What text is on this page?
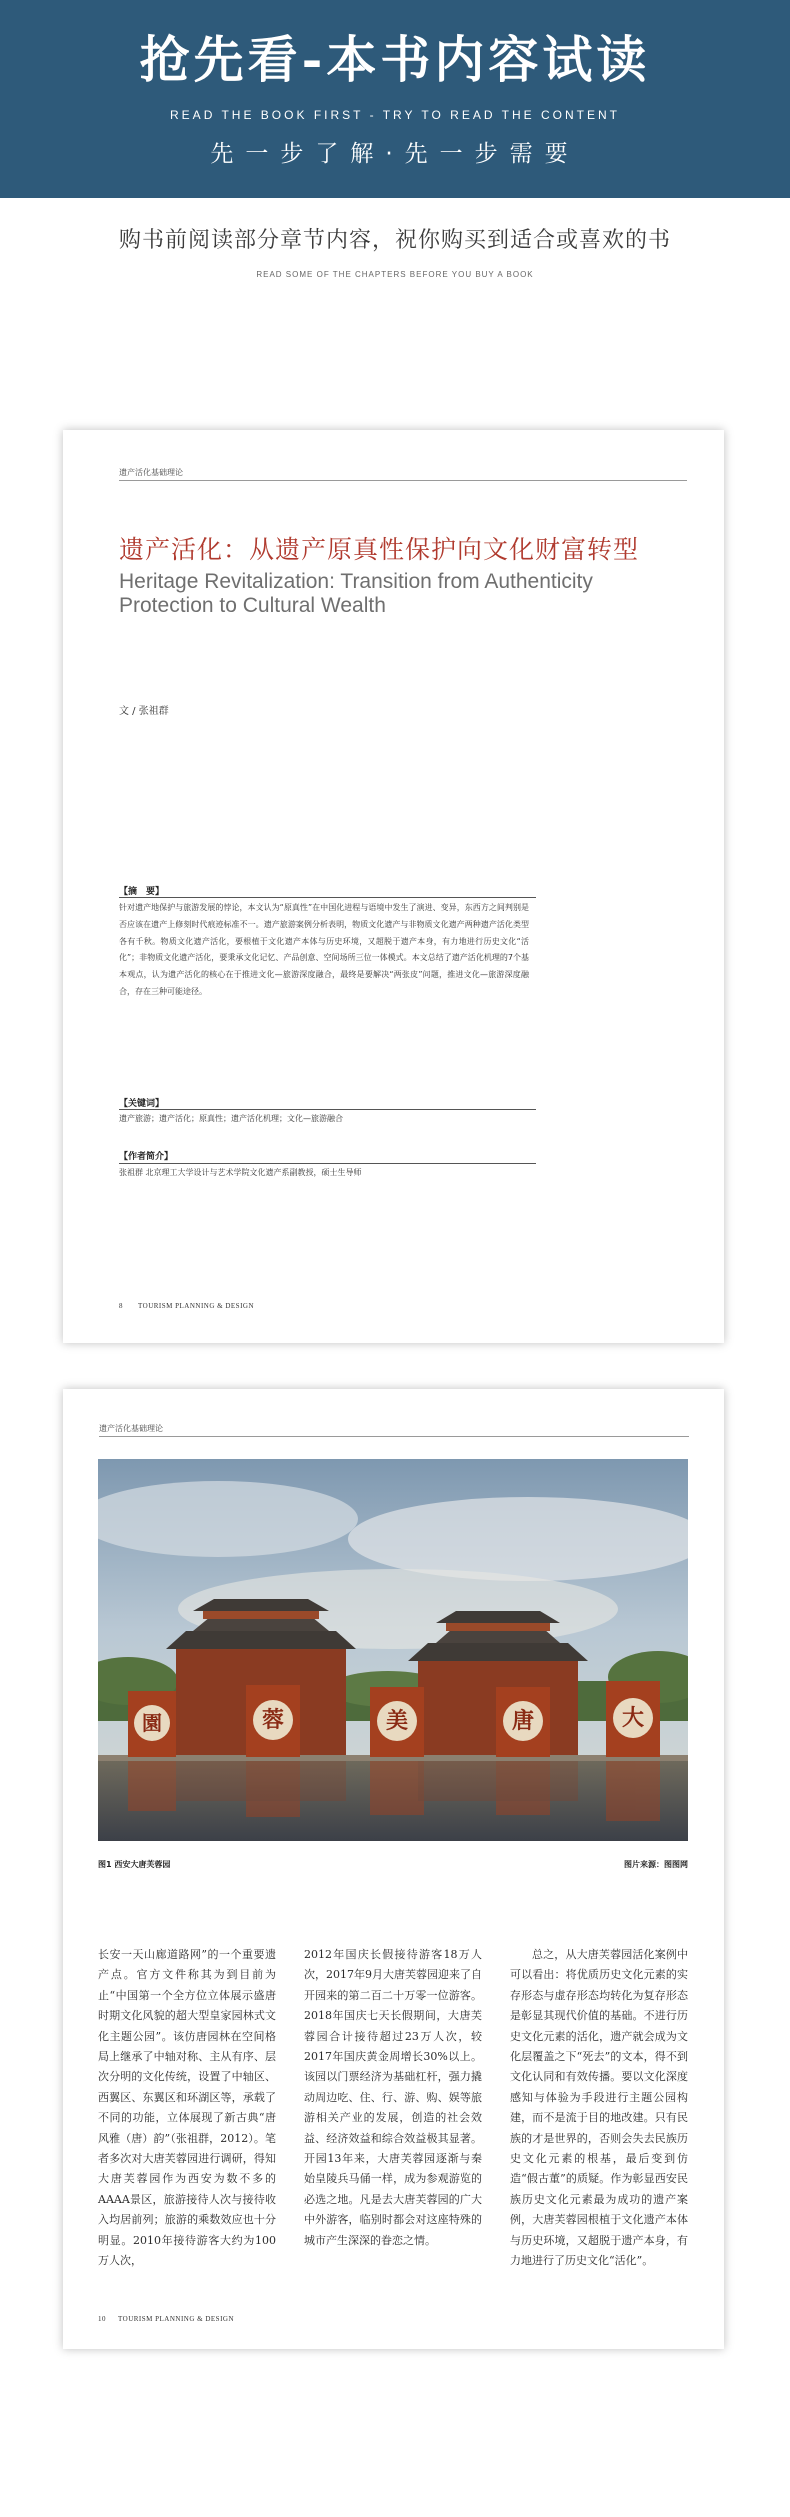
抢先看-本书内容试读
READ THE BOOK FIRST - TRY TO READ THE CONTENT
先一步了解·先一步需要
购书前阅读部分章节内容，祝你购买到适合或喜欢的书
READ SOME OF THE CHAPTERS BEFORE YOU BUY A BOOK
遗产活化基础理论
遗产活化：从遗产原真性保护向文化财富转型
Heritage Revitalization: Transition from Authenticity Protection to Cultural Wealth
文 / 张祖群
【摘　要】
针对遗产地保护与旅游发展的悖论，本文认为“原真性”在中国化进程与语境中发生了演进、变异，东西方之间判别是否应该在遗产上修刻时代痕迹标准不一。遗产旅游案例分析表明，物质文化遗产与非物质文化遗产两种遗产活化类型各有千秋。物质文化遗产活化，要根植于文化遗产本体与历史环境，又超脱于遗产本身，有力地进行历史文化“活化”；非物质文化遗产活化，要秉承文化记忆、产品创意、空间场所三位一体模式。本文总结了遗产活化机理的7个基本观点，认为遗产活化的核心在于推进文化—旅游深度融合，最终是要解决“两张皮”问题，推进文化—旅游深度融合，存在三种可能途径。
【关键词】
遗产旅游；遗产活化；原真性；遗产活化机理；文化—旅游融合
【作者简介】
张祖群 北京理工大学设计与艺术学院文化遗产系副教授，硕士生导师
8 TOURISM PLANNING & DESIGN
遗产活化基础理论
園	蓉	美	唐	大
图1 西安大唐芙蓉园	图片来源：图图网
长安一天山廊道路网”的一个重要遗产点。官方文件称其为到目前为止“中国第一个全方位立体展示盛唐时期文化风貌的超大型皇家园林式文化主题公园”。该仿唐园林在空间格局上继承了中轴对称、主从有序、层次分明的文化传统，设置了中轴区、西翼区、东翼区和环湖区等，承载了不同的功能，立体展现了新古典“唐风雅（唐）韵”（张祖群，2012）。笔者多次对大唐芙蓉园进行调研，得知大唐芙蓉园作为西安为数不多的AAAA景区，旅游接待人次与接待收入均居前列；旅游的乘数效应也十分明显。2010年接待游客大约为100万人次，
2012年国庆长假接待游客18万人次，2017年9月大唐芙蓉园迎来了自开园来的第二百二十万零一位游客。2018年国庆七天长假期间，大唐芙蓉园合计接待超过23万人次，较2017年国庆黄金周增长30%以上。该园以门票经济为基础杠杆，强力撬动周边吃、住、行、游、购、娱等旅游相关产业的发展，创造的社会效益、经济效益和综合效益极其显著。开园13年来，大唐芙蓉园逐渐与秦始皇陵兵马俑一样，成为参观游览的必选之地。凡是去大唐芙蓉园的广大中外游客，临别时都会对这座特殊的城市产生深深的眷恋之情。
总之，从大唐芙蓉园活化案例中可以看出：将优质历史文化元素的实存形态与虚存形态均转化为复存形态是彰显其现代价值的基础。不进行历史文化元素的活化，遗产就会成为文化层覆盖之下“死去”的文本，得不到文化认同和有效传播。要以文化深度感知与体验为手段进行主题公园构建，而不是流于目的地改建。只有民族的才是世界的，否则会失去民族历史文化元素的根基，最后变到仿造“假古董”的质疑。作为彰显西安民族历史文化元素最为成功的遗产案例，大唐芙蓉园根植于文化遗产本体与历史环境，又超脱于遗产本身，有力地进行了历史文化“活化”。
10 TOURISM PLANNING & DESIGN
